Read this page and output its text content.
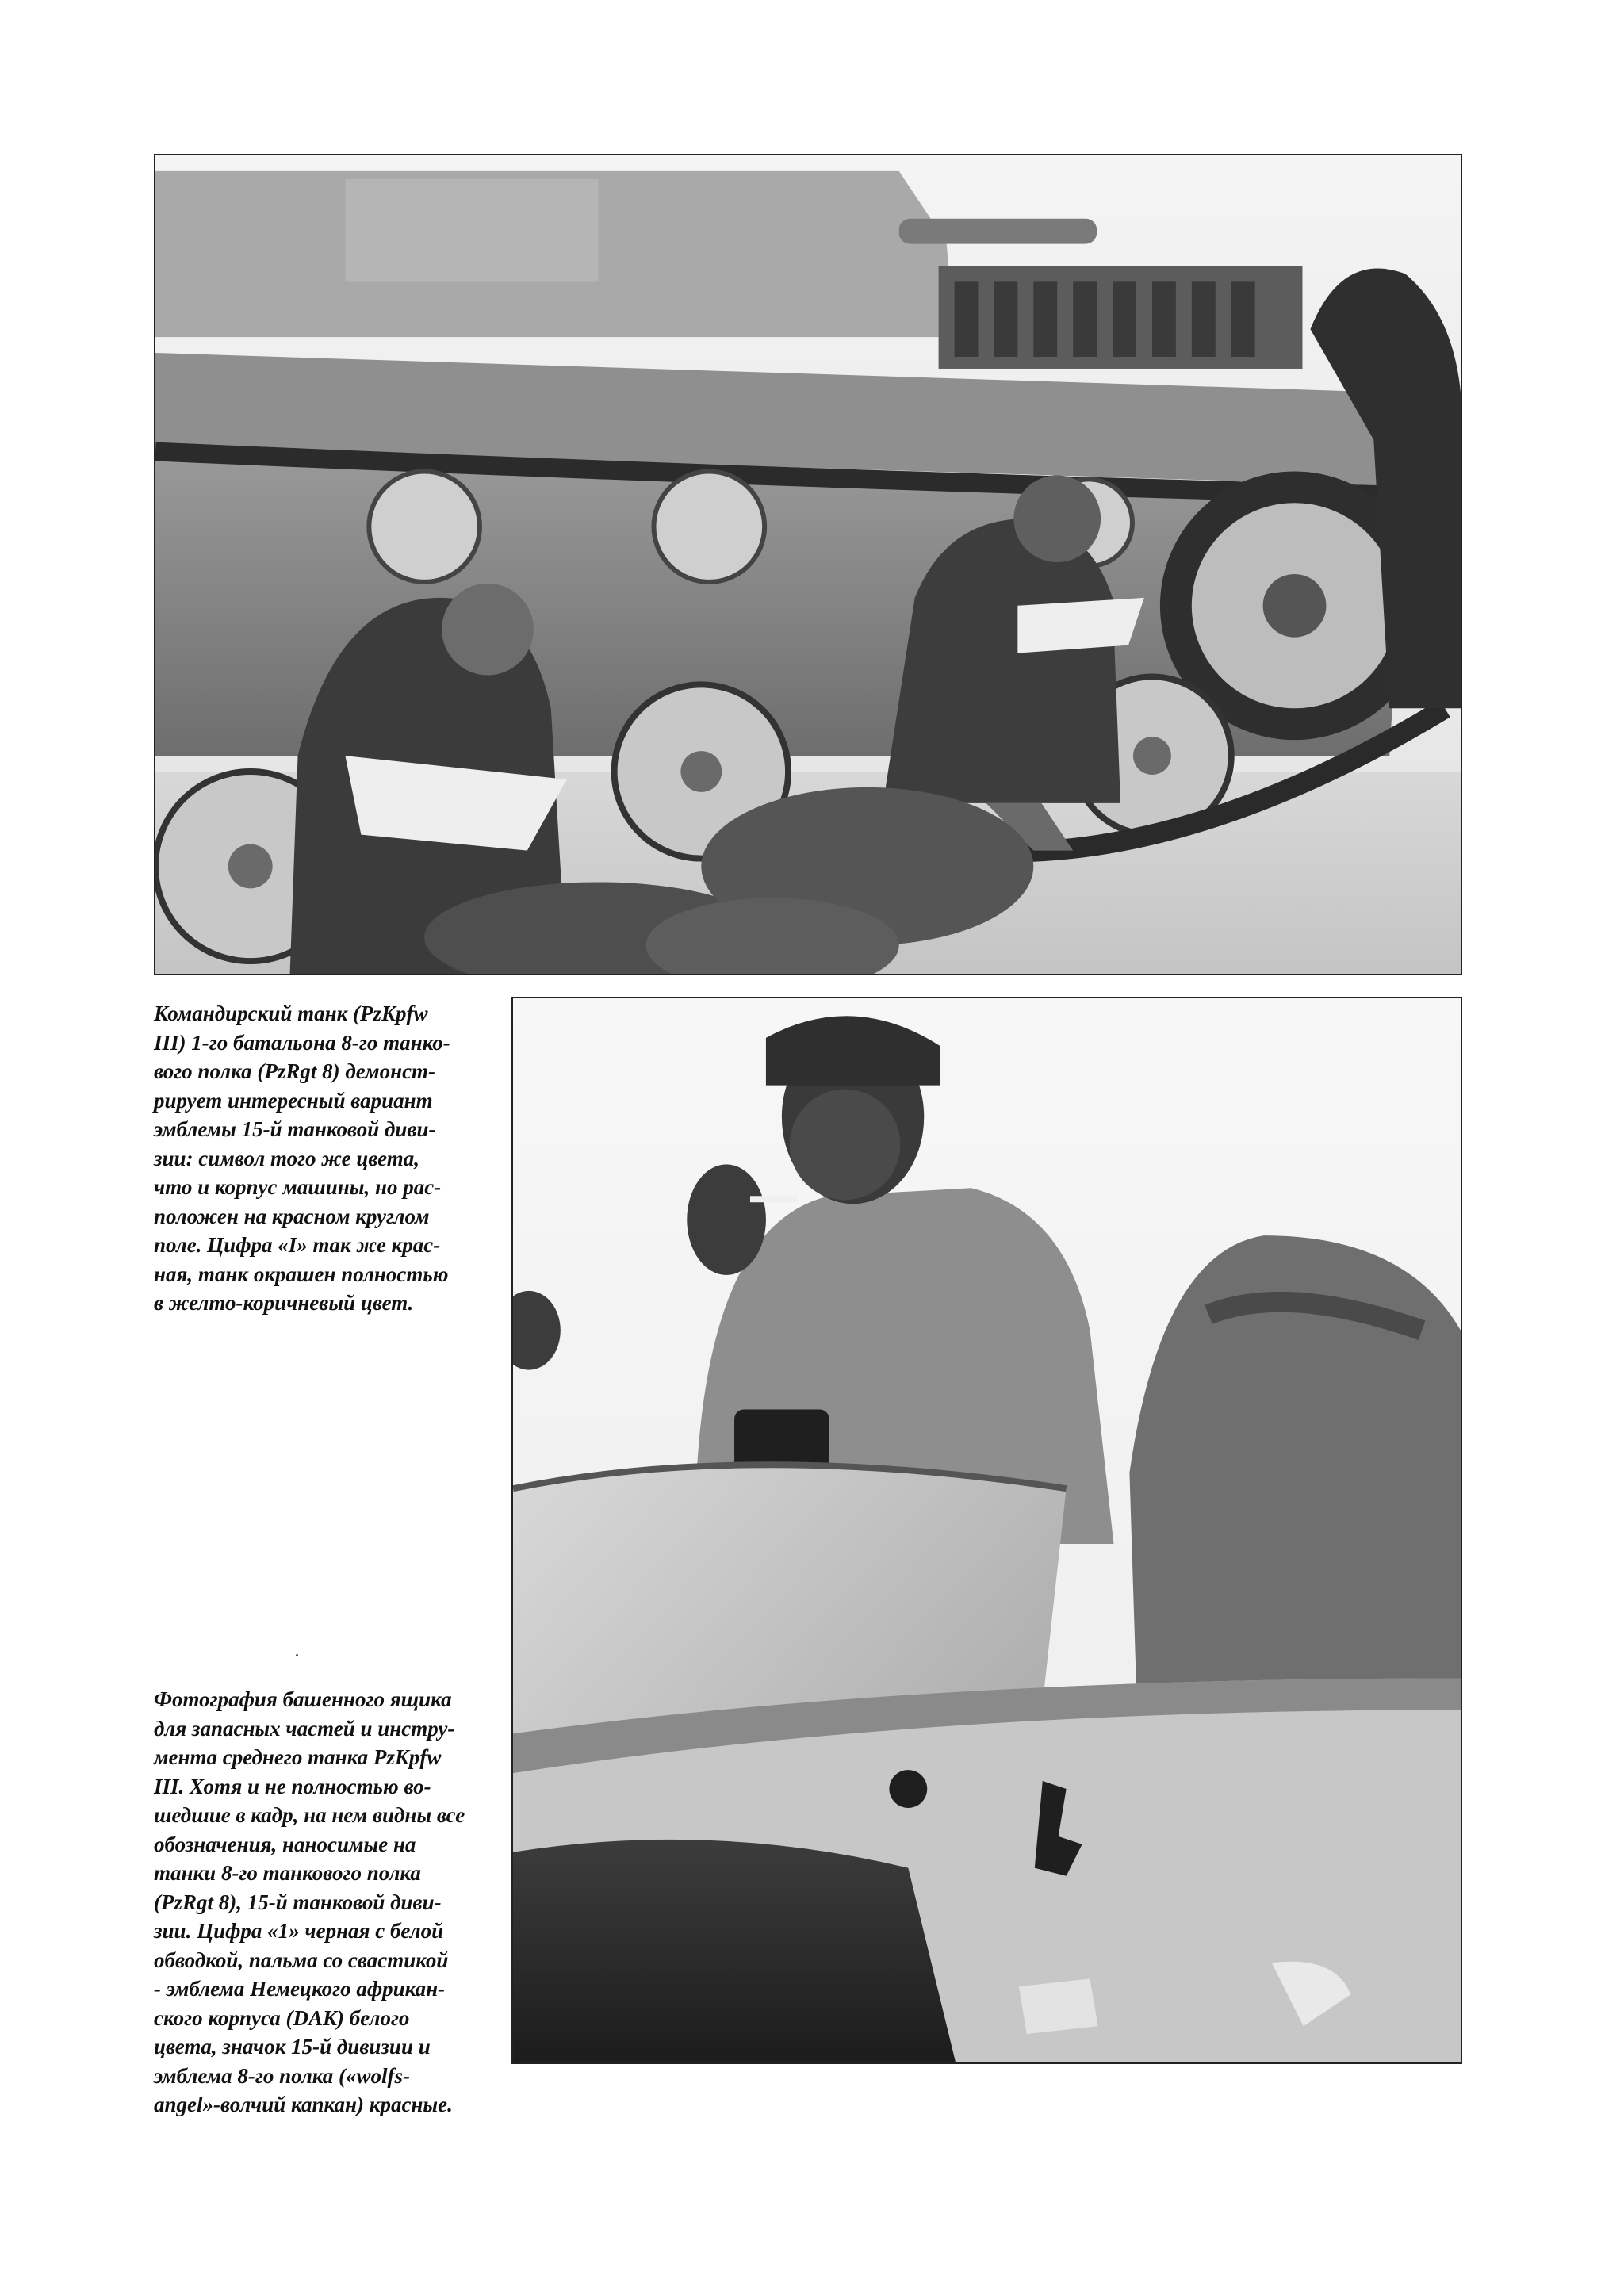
Командирский танк (PzKpfw
III) 1-го батальона 8-го танко-
вого полка (PzRgt 8) демонст-
рирует интересный вариант
эмблемы 15-й танковой диви-
зии: символ того же цвета,
что и корпус машины, но рас-
положен на красном круглом
поле. Цифра «I» так же крас-
ная, танк окрашен полностью
в желто-коричневый цвет.

Фотография башенного ящика
для запасных частей и инстру-
мента среднего танка PzKpfw
III. Хотя и не полностью во-
шедшие в кадр, на нем видны все
обозначения, наносимые на
танки 8-го танкового полка
(PzRgt 8), 15-й танковой диви-
зии. Цифра «1» черная с белой
обводкой, пальма со свастикой
- эмблема Немецкого африкан-
ского корпуса (DAK) белого
цвета, значок 15-й дивизии и
эмблема 8-го полка («wolfs-
angel»-волчий капкан) красные.
